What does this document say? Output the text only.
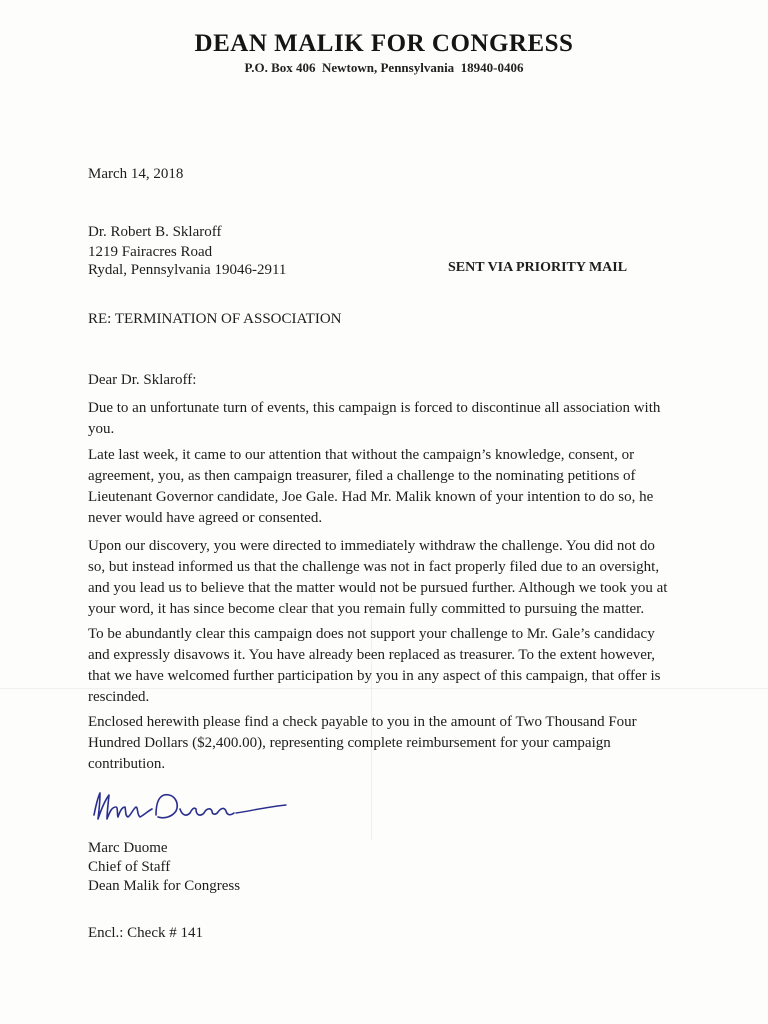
DEAN MALIK FOR CONGRESS
P.O. Box 406  Newtown, Pennsylvania  18940-0406
March 14, 2018
Dr. Robert B. Sklaroff
1219 Fairacres Road
Rydal, Pennsylvania 19046-2911	SENT VIA PRIORITY MAIL
RE: TERMINATION OF ASSOCIATION
Dear Dr. Sklaroff:
Due to an unfortunate turn of events, this campaign is forced to discontinue all association with
you.
Late last week, it came to our attention that without the campaign’s knowledge, consent, or
agreement, you, as then campaign treasurer, filed a challenge to the nominating petitions of
Lieutenant Governor candidate, Joe Gale. Had Mr. Malik known of your intention to do so, he
never would have agreed or consented.
Upon our discovery, you were directed to immediately withdraw the challenge. You did not do
so, but instead informed us that the challenge was not in fact properly filed due to an oversight,
and you lead us to believe that the matter would not be pursued further. Although we took you at
your word, it has since become clear that you remain fully committed to pursuing the matter.
To be abundantly clear this campaign does not support your challenge to Mr. Gale’s candidacy
and expressly disavows it. You have already been replaced as treasurer. To the extent however,
that we have welcomed further participation by you in any aspect of this campaign, that offer is
rescinded.
Enclosed herewith please find a check payable to you in the amount of Two Thousand Four
Hundred Dollars ($2,400.00), representing complete reimbursement for your campaign
contribution.
Marc Duome
Chief of Staff
Dean Malik for Congress
Encl.: Check # 141
